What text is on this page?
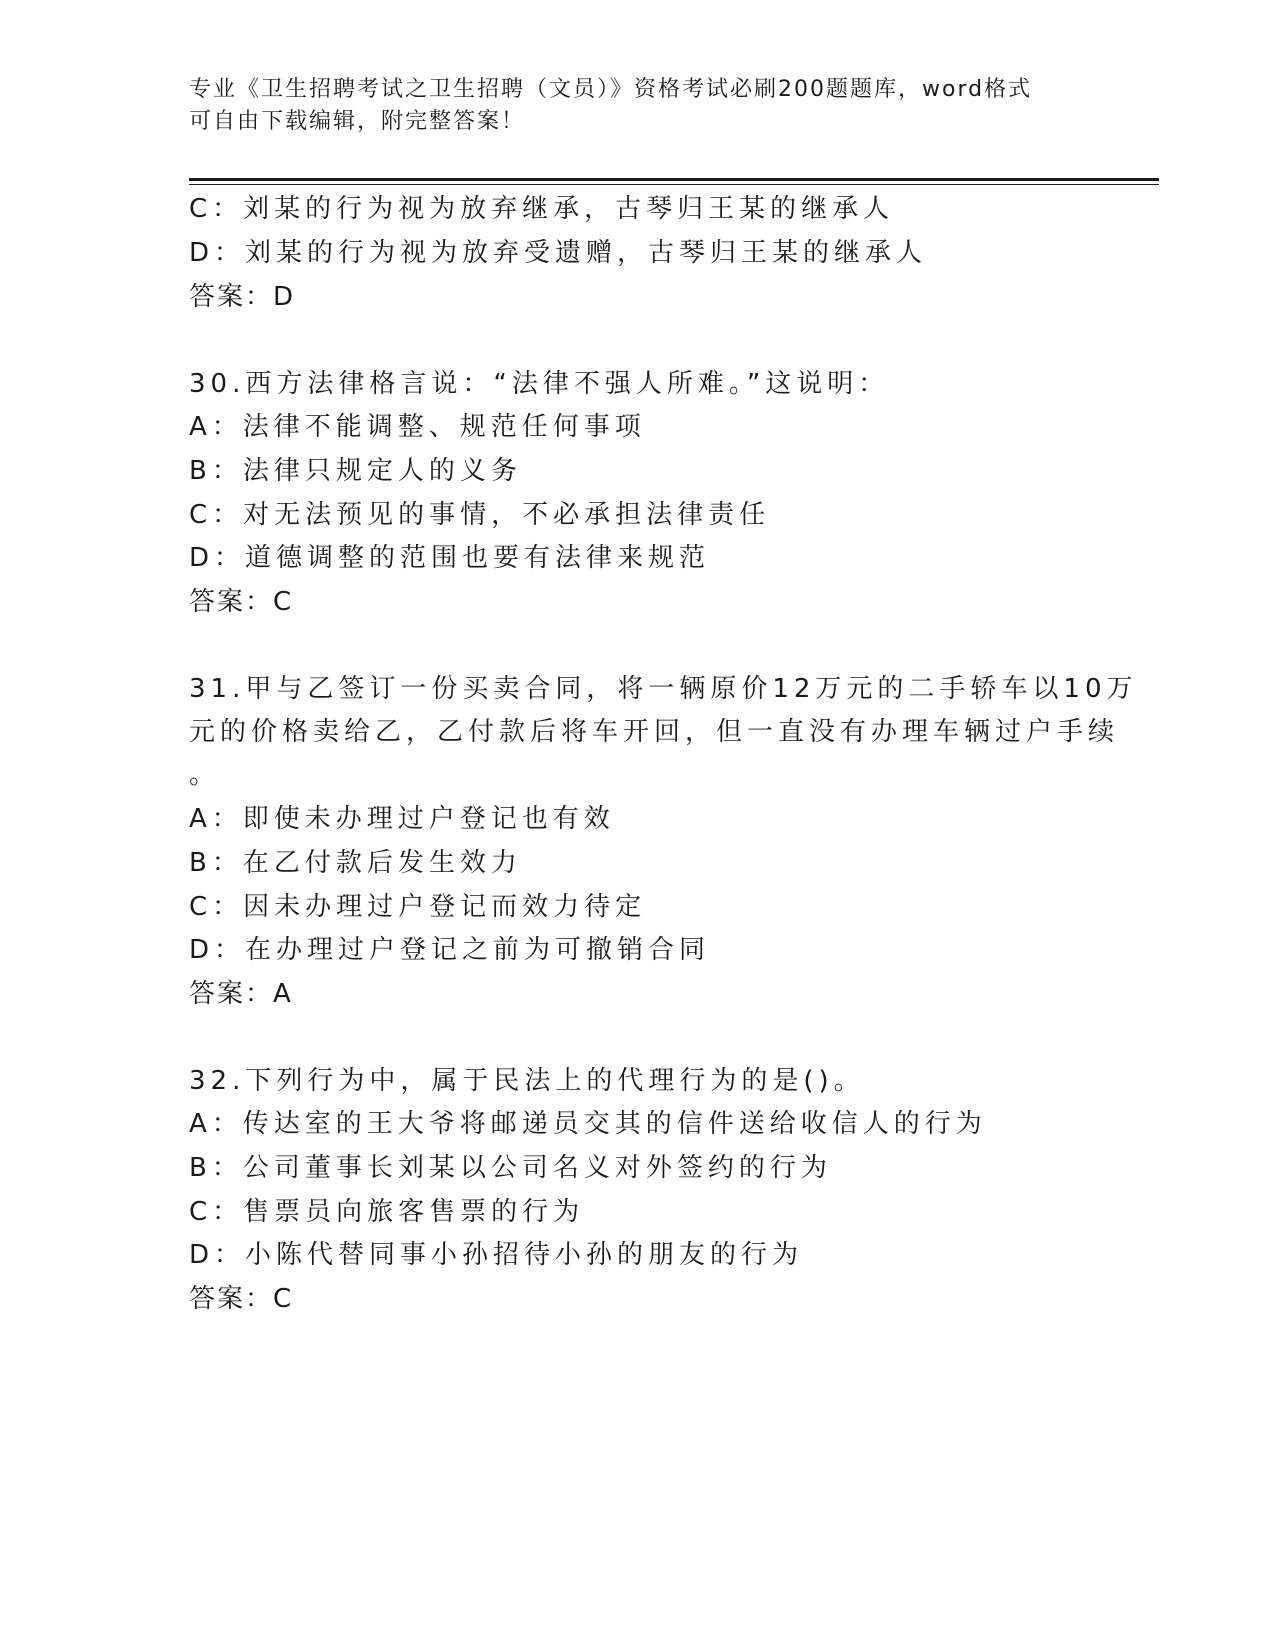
专业《卫生招聘考试之卫生招聘（文员）》资格考试必刷200题题库，word格式
可自由下载编辑，附完整答案！
C：刘某的行为视为放弃继承，古琴归王某的继承人
D：刘某的行为视为放弃受遗赠，古琴归王某的继承人
答案：D
30.西方法律格言说：“法律不强人所难。”这说明：
A：法律不能调整、规范任何事项
B：法律只规定人的义务
C：对无法预见的事情，不必承担法律责任
D：道德调整的范围也要有法律来规范
答案：C
31.甲与乙签订一份买卖合同，将一辆原价12万元的二手轿车以10万
元的价格卖给乙，乙付款后将车开回，但一直没有办理车辆过户手续
。
A：即使未办理过户登记也有效
B：在乙付款后发生效力
C：因未办理过户登记而效力待定
D：在办理过户登记之前为可撤销合同
答案：A
32.下列行为中，属于民法上的代理行为的是()。
A：传达室的王大爷将邮递员交其的信件送给收信人的行为
B：公司董事长刘某以公司名义对外签约的行为
C：售票员向旅客售票的行为
D：小陈代替同事小孙招待小孙的朋友的行为
答案：C
